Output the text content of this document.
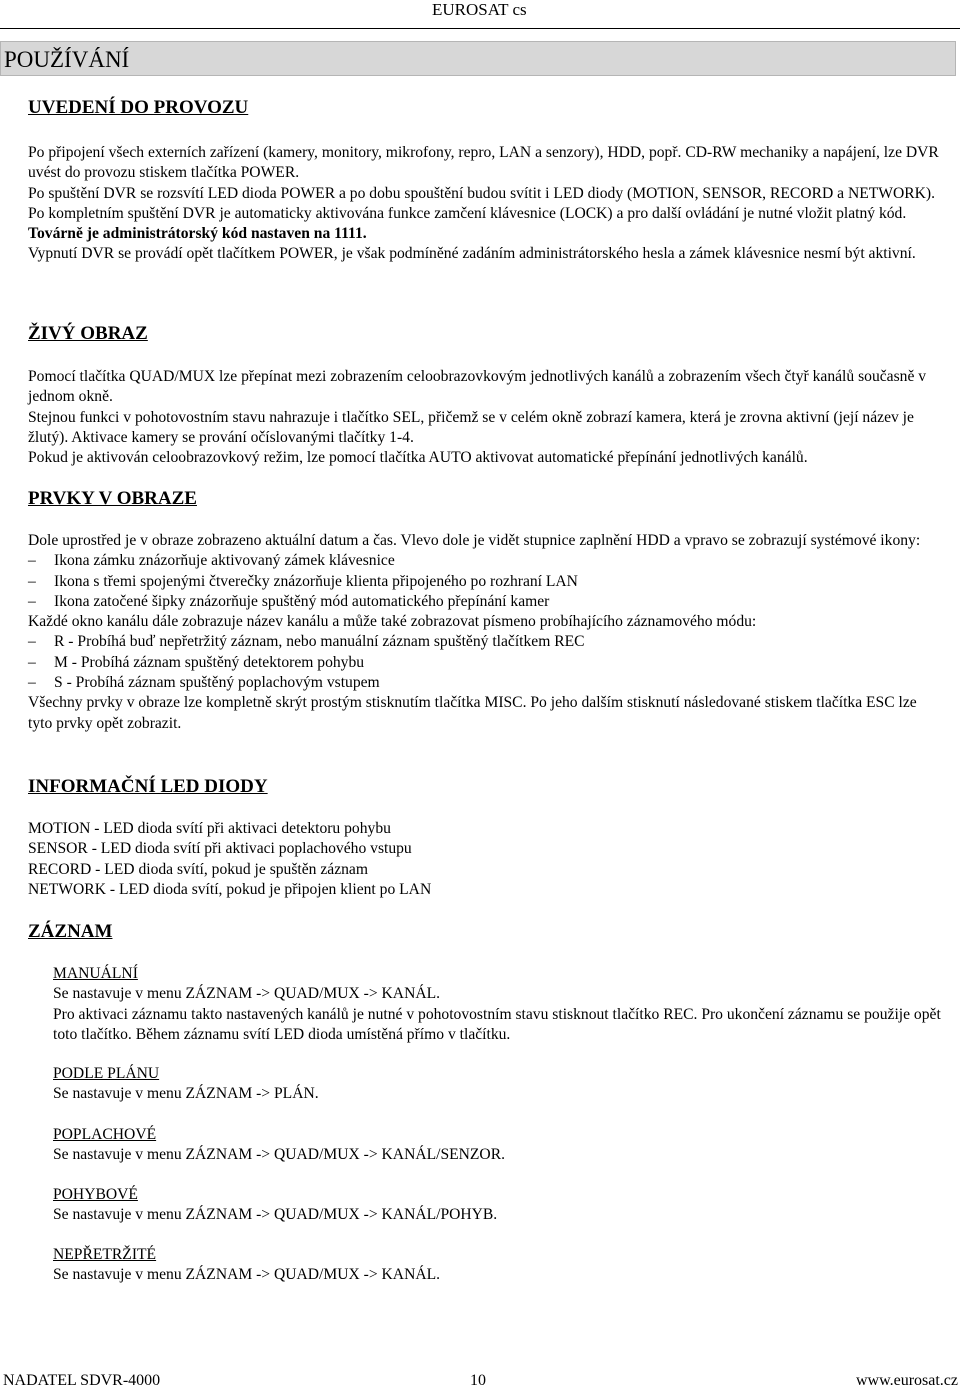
EUROSAT cs
POUŽÍVÁNÍ
UVEDENÍ DO PROVOZU

Po připojení všech externích zařízení (kamery, monitory, mikrofony, repro, LAN a senzory), HDD, popř. CD-RW mechaniky a napájení, lze DVR uvést do provozu stiskem tlačítka POWER.

Po spuštění DVR se rozsvítí LED dioda POWER a po dobu spouštění budou svítit i LED diody (MOTION, SENSOR, RECORD a NETWORK).

Po kompletním spuštění DVR je automaticky aktivována funkce zamčení klávesnice (LOCK) a pro další ovládání je nutné vložit platný kód. Továrně je administrátorský kód nastaven na 1111.

Vypnutí DVR se provádí opět tlačítkem POWER, je však podmíněné zadáním administrátorského hesla a zámek klávesnice nesmí být aktivní.

ŽIVÝ OBRAZ

Pomocí tlačítka QUAD/MUX lze přepínat mezi zobrazením celoobrazovkovým jednotlivých kanálů a zobrazením všech čtyř kanálů současně v jednom okně.

Stejnou funkci v pohotovostním stavu nahrazuje i tlačítko SEL, přičemž se v celém okně zobrazí kamera, která je zrovna aktivní (její název je žlutý). Aktivace kamery se prování očíslovanými tlačítky 1-4.

Pokud je aktivován celoobrazovkový režim, lze pomocí tlačítka AUTO aktivovat automatické přepínání jednotlivých kanálů.

PRVKY V OBRAZE

Dole uprostřed je v obraze zobrazeno aktuální datum a čas. Vlevo dole je vidět stupnice zaplnění HDD a vpravo se zobrazují systémové ikony:

– Ikona zámku znázorňuje aktivovaný zámek klávesnice
– Ikona s třemi spojenými čtverečky znázorňuje klienta připojeného po rozhraní LAN
– Ikona zatočené šipky znázorňuje spuštěný mód automatického přepínání kamer

Každé okno kanálu dále zobrazuje název kanálu a může také zobrazovat písmeno probíhajícího záznamového módu:

– R - Probíhá buď nepřetržitý záznam, nebo manuální záznam spuštěný tlačítkem REC
– M - Probíhá záznam spuštěný detektorem pohybu
– S - Probíhá záznam spuštěný poplachovým vstupem

Všechny prvky v obraze lze kompletně skrýt prostým stisknutím tlačítka MISC. Po jeho dalším stisknutí následované stiskem tlačítka ESC lze tyto prvky opět zobrazit.

INFORMAČNÍ LED DIODY

MOTION - LED dioda svítí při aktivaci detektoru pohybu

SENSOR - LED dioda svítí při aktivaci poplachového vstupu

RECORD - LED dioda svítí, pokud je spuštěn záznam

NETWORK - LED dioda svítí, pokud je připojen klient po LAN

ZÁZNAM

MANUÁLNÍ

Se nastavuje v menu ZÁZNAM -> QUAD/MUX -> KANÁL.

Pro aktivaci záznamu takto nastavených kanálů je nutné v pohotovostním stavu stisknout tlačítko REC. Pro ukončení záznamu se použije opět toto tlačítko. Během záznamu svítí LED dioda umístěná přímo v tlačítku.

PODLE PLÁNU

Se nastavuje v menu ZÁZNAM -> PLÁN.

POPLACHOVÉ

Se nastavuje v menu ZÁZNAM -> QUAD/MUX -> KANÁL/SENZOR.

POHYBOVÉ

Se nastavuje v menu ZÁZNAM -> QUAD/MUX -> KANÁL/POHYB.

NEPŘETRŽITÉ

Se nastavuje v menu ZÁZNAM -> QUAD/MUX -> KANÁL.

NADATEL SDVR-4000	10	www.eurosat.cz
